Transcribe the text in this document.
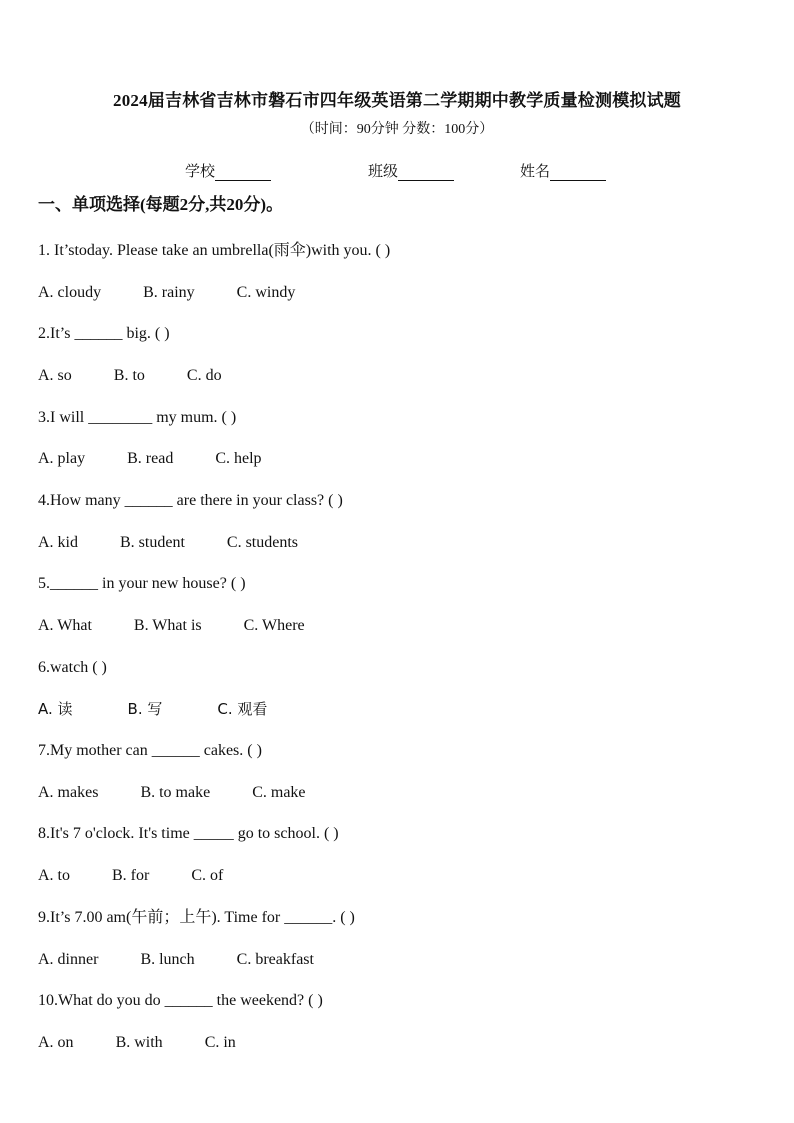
2024届吉林省吉林市磐石市四年级英语第二学期期中教学质量检测模拟试题
（时间：90分钟 分数：100分）
学校	班级	姓名
一、单项选择(每题2分,共20分)。
1. It’stoday. Please take an umbrella(雨伞)with you. ( )
A. cloudy	B. rainy	C. windy
2.It’s ______ big. ( )
A. so	B. to	C. do
3.I will ________ my mum. ( )
A. play	B. read	C. help
4.How many ______ are there in your class? ( )
A. kid	B. student	C. students
5.______ in your new house? ( )
A. What	B. What is	C. Where
6.watch ( )
A. 读	B. 写	C. 观看
7.My mother can ______ cakes. ( )
A. makes	B. to make	C. make
8.It's 7 o'clock. It's time _____ go to school. ( )
A. to	B. for	C. of
9.It’s 7.00 am(午前；上午). Time for ______. ( )
A. dinner	B. lunch	C. breakfast
10.What do you do ______ the weekend? ( )
A. on	B. with	C. in
